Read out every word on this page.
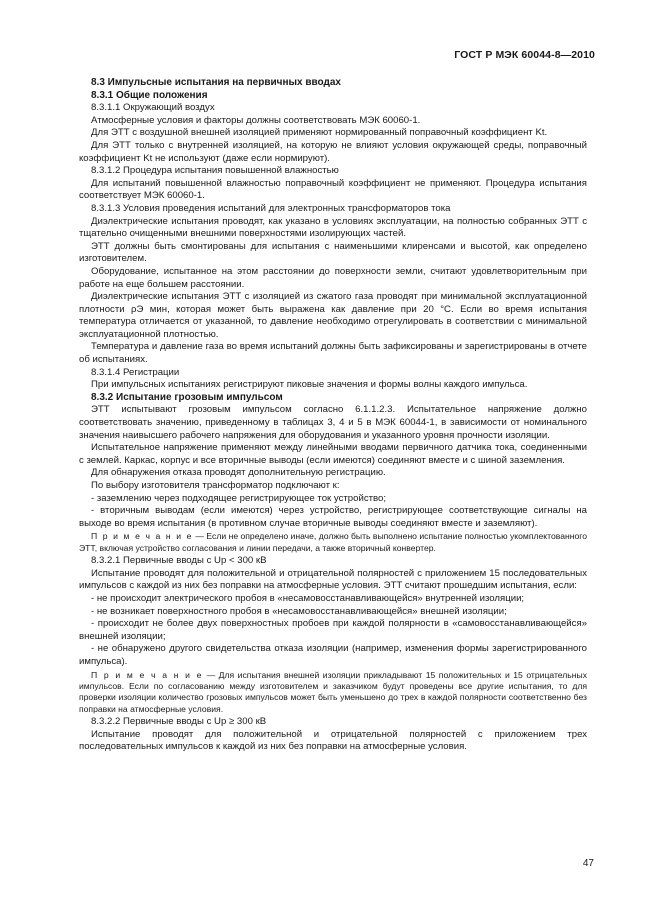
ГОСТ Р МЭК 60044-8—2010

8.3 Импульсные испытания на первичных вводах

8.3.1 Общие положения

8.3.1.1 Окружающий воздух

Атмосферные условия и факторы должны соответствовать МЭК 60060-1.

Для ЭТТ с воздушной внешней изоляцией применяют нормированный поправочный коэффициент Kt.

Для ЭТТ только с внутренней изоляцией, на которую не влияют условия окружающей среды, поправочный коэффициент Kt не используют (даже если нормируют).

8.3.1.2 Процедура испытания повышенной влажностью

Для испытаний повышенной влажностью поправочный коэффициент не применяют. Процедура испытания соответствует МЭК 60060-1.

8.3.1.3 Условия проведения испытаний для электронных трансформаторов тока

Диэлектрические испытания проводят, как указано в условиях эксплуатации, на полностью собранных ЭТТ с тщательно очищенными внешними поверхностями изолирующих частей.

ЭТТ должны быть смонтированы для испытания с наименьшими клиренсами и высотой, как определено изготовителем.

Оборудование, испытанное на этом расстоянии до поверхности земли, считают удовлетворительным при работе на еще большем расстоянии.

Диэлектрические испытания ЭТТ с изоляцией из сжатого газа проводят при минимальной эксплуатационной плотности ρЭ мин, которая может быть выражена как давление при 20 °С. Если во время испытания температура отличается от указанной, то давление необходимо отрегулировать в соответствии с минимальной эксплуатационной плотностью.

Температура и давление газа во время испытаний должны быть зафиксированы и зарегистрированы в отчете об испытаниях.

8.3.1.4 Регистрации

При импульсных испытаниях регистрируют пиковые значения и формы волны каждого импульса.

8.3.2 Испытание грозовым импульсом

ЭТТ испытывают грозовым импульсом согласно 6.1.1.2.3. Испытательное напряжение должно соответствовать значению, приведенному в таблицах 3, 4 и 5 в МЭК 60044-1, в зависимости от номинального значения наивысшего рабочего напряжения для оборудования и указанного уровня прочности изоляции.

Испытательное напряжение применяют между линейными вводами первичного датчика тока, соединенными с землей. Каркас, корпус и все вторичные выводы (если имеются) соединяют вместе и с шиной заземления.

Для обнаружения отказа проводят дополнительную регистрацию.

По выбору изготовителя трансформатор подключают к:

- заземлению через подходящее регистрирующее ток устройство;

- вторичным выводам (если имеются) через устройство, регистрирующее соответствующие сигналы на выходе во время испытания (в противном случае вторичные выводы соединяют вместе и заземляют).

П р и м е ч а н и е — Если не определено иначе, должно быть выполнено испытание полностью укомплектованного ЭТТ, включая устройство согласования и линии передачи, а также вторичный конвертер.

8.3.2.1 Первичные вводы с Up < 300 кВ

Испытание проводят для положительной и отрицательной полярностей с приложением 15 последовательных импульсов с каждой из них без поправки на атмосферные условия. ЭТТ считают прошедшим испытания, если:

- не происходит электрического пробоя в «несамовосстанавливающейся» внутренней изоляции;

- не возникает поверхностного пробоя в «несамовосстанавливающейся» внешней изоляции;

- происходит не более двух поверхностных пробоев при каждой полярности в «самовосстанавливающейся» внешней изоляции;

- не обнаружено другого свидетельства отказа изоляции (например, изменения формы зарегистрированного импульса).

П р и м е ч а н и е — Для испытания внешней изоляции прикладывают 15 положительных и 15 отрицательных импульсов. Если по согласованию между изготовителем и заказчиком будут проведены все другие испытания, то для проверки изоляции количество грозовых импульсов может быть уменьшено до трех в каждой полярности соответственно без поправки на атмосферные условия.

8.3.2.2 Первичные вводы с Up ≥ 300 кВ

Испытание проводят для положительной и отрицательной полярностей с приложением трех последовательных импульсов к каждой из них без поправки на атмосферные условия.

47
